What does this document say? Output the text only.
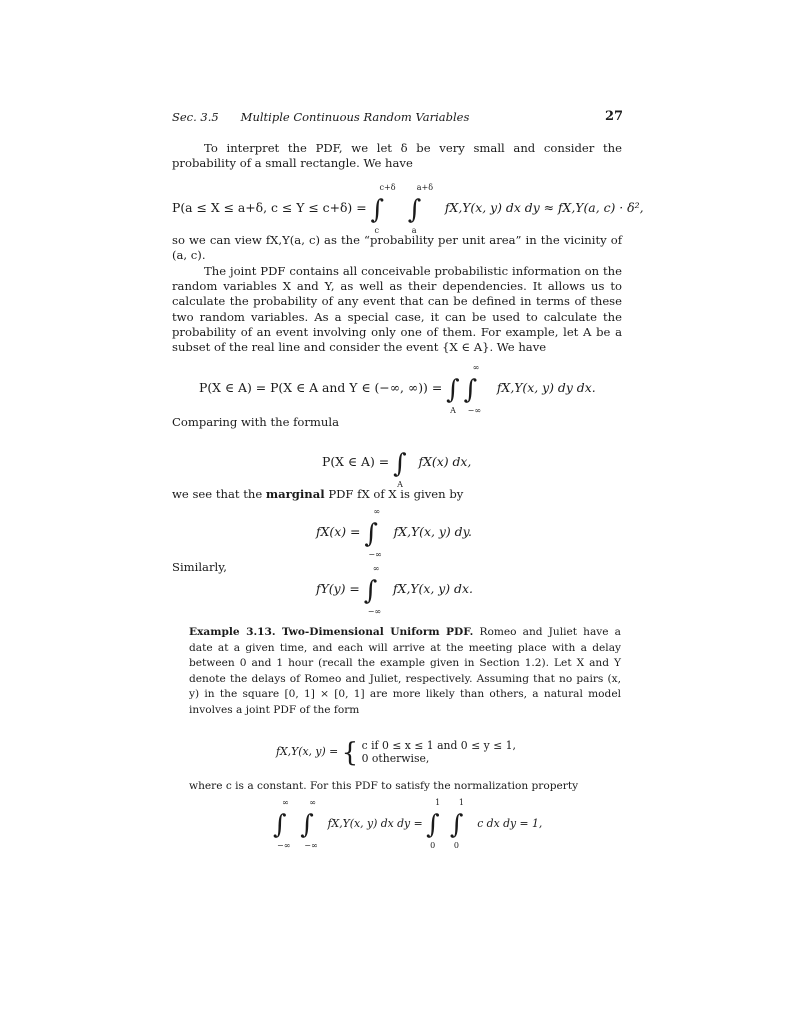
Sec. 3.5 Multiple Continuous Random Variables	27
To interpret the PDF, we let δ be very small and consider the probability of a small rectangle. We have
P(a ≤ X ≤ a+δ, c ≤ Y ≤ c+δ) = ∫
c+δ
c
∫
a+δ
a
fX,Y(x, y) dx dy ≈ fX,Y(a, c) · δ²,
so we can view fX,Y(a, c) as the “probability per unit area” in the vicinity of (a, c).
The joint PDF contains all conceivable probabilistic information on the random variables X and Y, as well as their dependencies. It allows us to calculate the probability of any event that can be defined in terms of these two random variables. As a special case, it can be used to calculate the probability of an event involving only one of them. For example, let A be a subset of the real line and consider the event {X ∈ A}. We have
P(X ∈ A) = P(X ∈ A and Y ∈ (−∞, ∞)) = ∫
A
∫
∞
−∞
fX,Y(x, y) dy dx.
Comparing with the formula
P(X ∈ A) = ∫
A
fX(x) dx,
we see that the marginal PDF fX of X is given by
fX(x) = ∫
∞
−∞
fX,Y(x, y) dy.
Similarly,
fY(y) = ∫
∞
−∞
fX,Y(x, y) dx.
Example 3.13. Two-Dimensional Uniform PDF. Romeo and Juliet have a date at a given time, and each will arrive at the meeting place with a delay between 0 and 1 hour (recall the example given in Section 1.2). Let X and Y denote the delays of Romeo and Juliet, respectively. Assuming that no pairs (x, y) in the square [0, 1] × [0, 1] are more likely than others, a natural model involves a joint PDF of the form
fX,Y(x, y) = { c if 0 ≤ x ≤ 1 and 0 ≤ y ≤ 1,
0 otherwise,
where c is a constant. For this PDF to satisfy the normalization property
∫
∞
−∞
∫
∞
−∞
fX,Y(x, y) dx dy = ∫
1
0
∫
1
0
c dx dy = 1,
